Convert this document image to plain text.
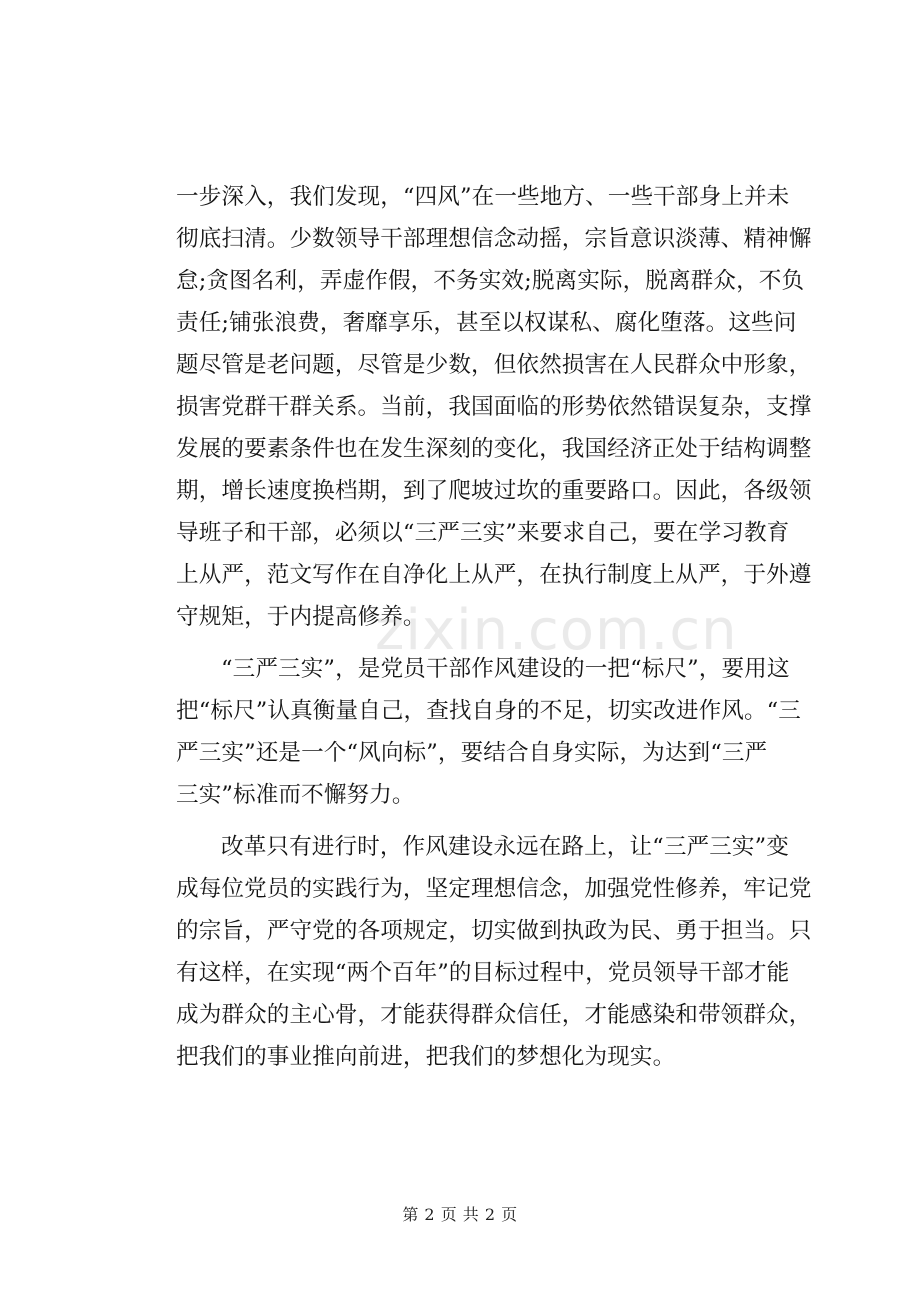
一步深入，我们发现，“四风”在一些地方、一些干部身上并未
彻底扫清。少数领导干部理想信念动摇，宗旨意识淡薄、精神懈
怠;贪图名利，弄虚作假，不务实效;脱离实际，脱离群众，不负
责任;铺张浪费，奢靡享乐，甚至以权谋私、腐化堕落。这些问
题尽管是老问题，尽管是少数，但依然损害在人民群众中形象，
损害党群干群关系。当前，我国面临的形势依然错误复杂，支撑
发展的要素条件也在发生深刻的变化，我国经济正处于结构调整
期，增长速度换档期，到了爬坡过坎的重要路口。因此，各级领
导班子和干部，必须以“三严三实”来要求自己，要在学习教育
上从严，范文写作在自净化上从严，在执行制度上从严，于外遵
守规矩，于内提高修养。
“三严三实”，是党员干部作风建设的一把“标尺”，要用这
把“标尺”认真衡量自己，查找自身的不足，切实改进作风。“三
严三实”还是一个“风向标”，要结合自身实际，为达到“三严
三实”标准而不懈努力。
改革只有进行时，作风建设永远在路上，让“三严三实”变
成每位党员的实践行为，坚定理想信念，加强党性修养，牢记党
的宗旨，严守党的各项规定，切实做到执政为民、勇于担当。只
有这样，在实现“两个百年”的目标过程中，党员领导干部才能
成为群众的主心骨，才能获得群众信任，才能感染和带领群众，
把我们的事业推向前进，把我们的梦想化为现实。
zixin.com.cn
第 2 页 共 2 页
